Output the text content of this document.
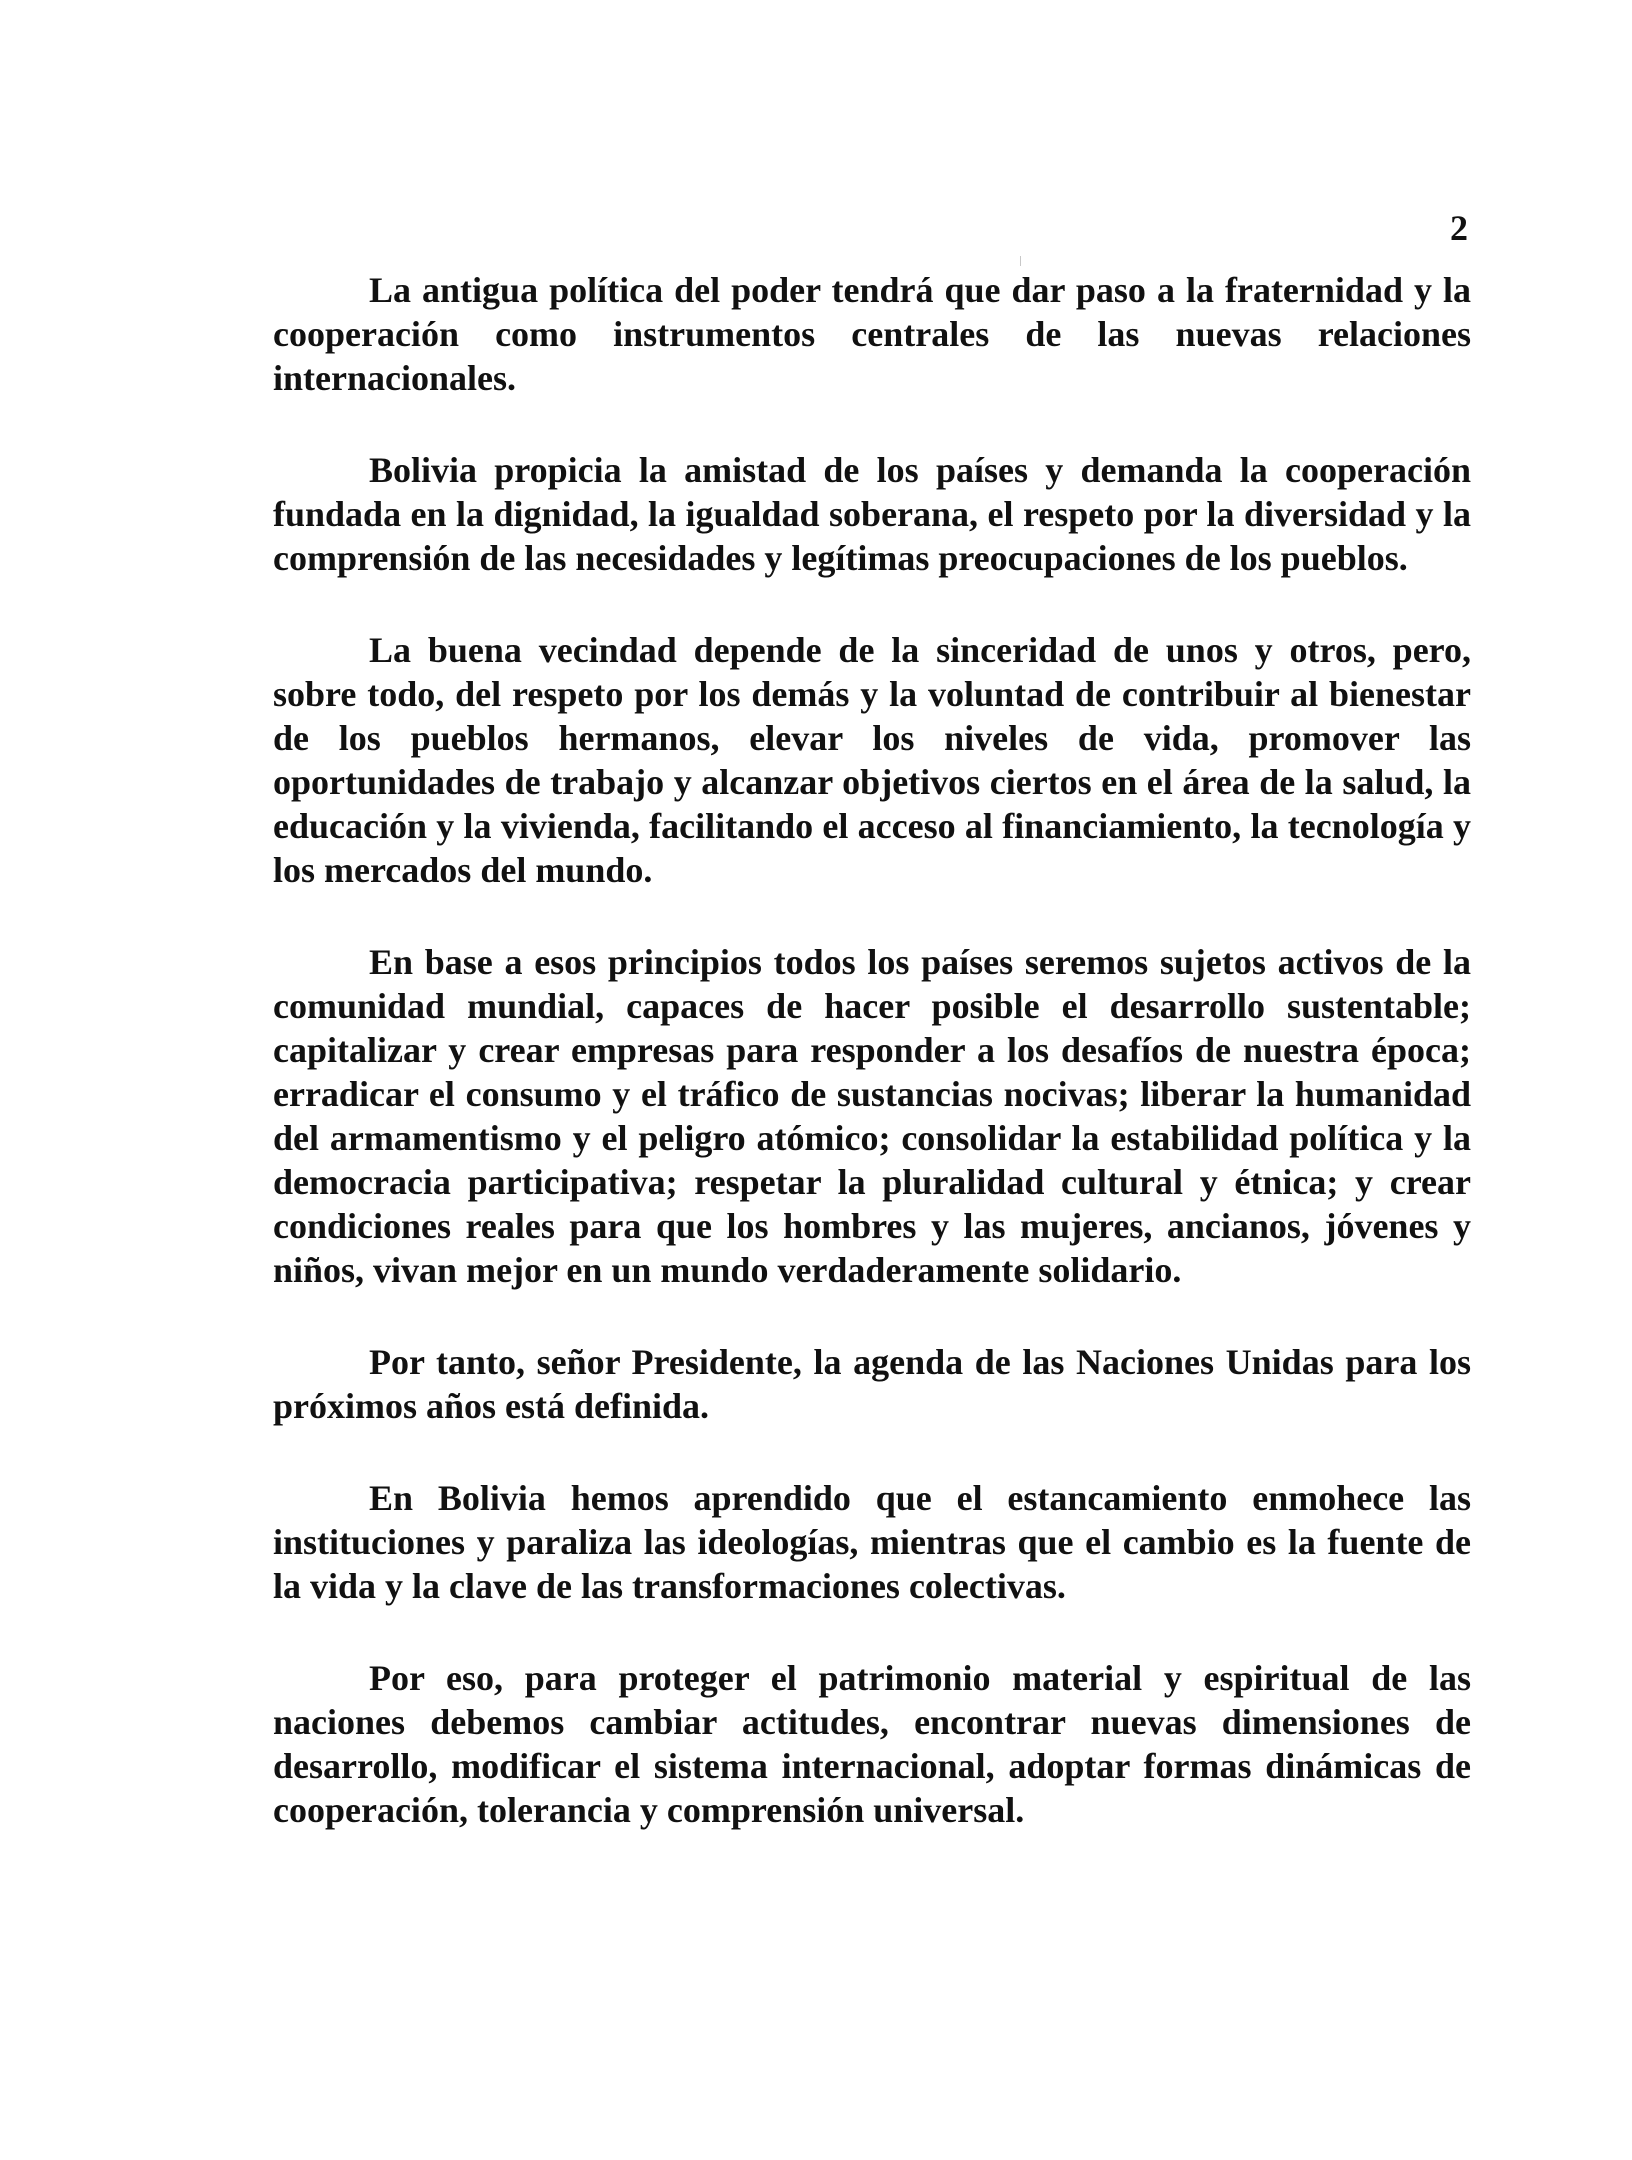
2

La antigua política del poder tendrá que dar paso a la fraternidad y la cooperación como instrumentos centrales de las nuevas relaciones internacionales.

Bolivia propicia la amistad de los países y demanda la cooperación fundada en la dignidad, la igualdad soberana, el respeto por la diversidad y la comprensión de las necesidades y legítimas preocupaciones de los pueblos.

La buena vecindad depende de la sinceridad de unos y otros, pero, sobre todo, del respeto por los demás y la voluntad de contribuir al bienestar de los pueblos hermanos, elevar los niveles de vida, promover las oportunidades de trabajo y alcanzar objetivos ciertos en el área de la salud, la educación y la vivienda, facilitando el acceso al financiamiento, la tecnología y los mercados del mundo.

En base a esos principios todos los países seremos sujetos activos de la comunidad mundial, capaces de hacer posible el desarrollo sustentable; capitalizar y crear empresas para responder a los desafíos de nuestra época; erradicar el consumo y el tráfico de sustancias nocivas; liberar la humanidad del armamentismo y el peligro atómico; consolidar la estabilidad política y la democracia participativa; respetar la pluralidad cultural y étnica; y crear condiciones reales para que los hombres y las mujeres, ancianos, jóvenes y niños, vivan mejor en un mundo verdaderamente solidario.

Por tanto, señor Presidente, la agenda de las Naciones Unidas para los próximos años está definida.

En Bolivia hemos aprendido que el estancamiento enmohece las instituciones y paraliza las ideologías, mientras que el cambio es la fuente de la vida y la clave de las transformaciones colectivas.

Por eso, para proteger el patrimonio material y espiritual de las naciones debemos cambiar actitudes, encontrar nuevas dimensiones de desarrollo, modificar el sistema internacional, adoptar formas dinámicas de cooperación, tolerancia y comprensión universal.
